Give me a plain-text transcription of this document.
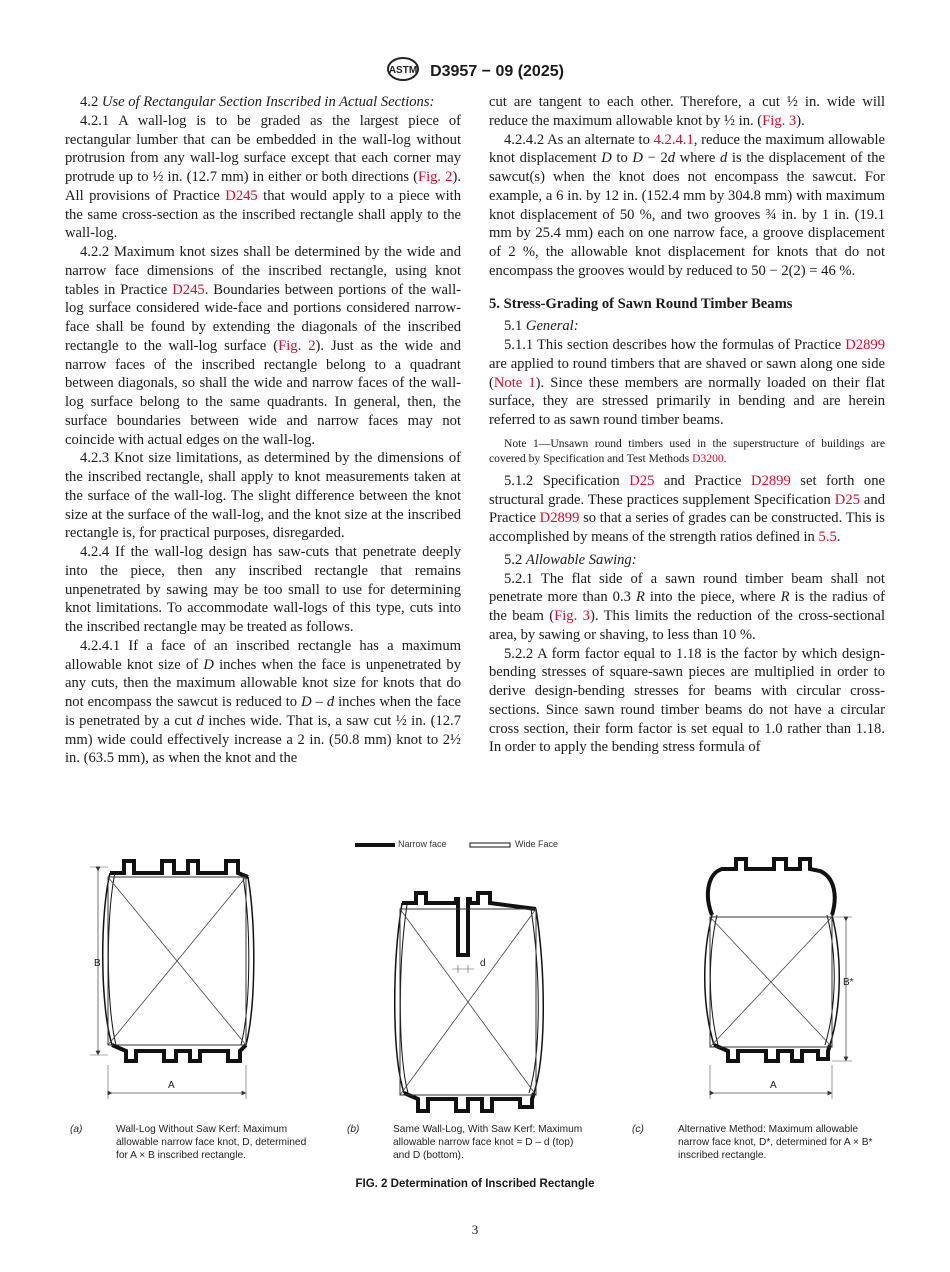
ASTM D3957 − 09 (2025)

4.2 Use of Rectangular Section Inscribed in Actual Sections:

4.2.1 A wall-log is to be graded as the largest piece of rectangular lumber that can be embedded in the wall-log without protrusion from any wall-log surface except that each corner may protrude up to ½ in. (12.7 mm) in either or both directions (Fig. 2). All provisions of Practice D245 that would apply to a piece with the same cross-section as the inscribed rectangle shall apply to the wall-log.

4.2.2 Maximum knot sizes shall be determined by the wide and narrow face dimensions of the inscribed rectangle, using knot tables in Practice D245. Boundaries between portions of the wall-log surface considered wide-face and portions considered narrow-face shall be found by extending the diagonals of the inscribed rectangle to the wall-log surface (Fig. 2). Just as the wide and narrow faces of the inscribed rectangle belong to a quadrant between diagonals, so shall the wide and narrow faces of the wall-log surface belong to the same quadrants. In general, then, the surface boundaries between wide and narrow faces may not coincide with actual edges on the wall-log.

4.2.3 Knot size limitations, as determined by the dimensions of the inscribed rectangle, shall apply to knot measurements taken at the surface of the wall-log. The slight difference between the knot size at the surface of the wall-log, and the knot size at the inscribed rectangle is, for practical purposes, disregarded.

4.2.4 If the wall-log design has saw-cuts that penetrate deeply into the piece, then any inscribed rectangle that remains unpenetrated by sawing may be too small to use for determining knot limitations. To accommodate wall-logs of this type, cuts into the inscribed rectangle may be treated as follows.

4.2.4.1 If a face of an inscribed rectangle has a maximum allowable knot size of D inches when the face is unpenetrated by any cuts, then the maximum allowable knot size for knots that do not encompass the sawcut is reduced to D – d inches when the face is penetrated by a cut d inches wide. That is, a saw cut ½ in. (12.7 mm) wide could effectively increase a 2 in. (50.8 mm) knot to 2½ in. (63.5 mm), as when the knot and the

cut are tangent to each other. Therefore, a cut ½ in. wide will reduce the maximum allowable knot by ½ in. (Fig. 3).

4.2.4.2 As an alternate to 4.2.4.1, reduce the maximum allowable knot displacement D to D − 2d where d is the displacement of the sawcut(s) when the knot does not encompass the sawcut. For example, a 6 in. by 12 in. (152.4 mm by 304.8 mm) with maximum knot displacement of 50 %, and two grooves ¾ in. by 1 in. (19.1 mm by 25.4 mm) each on one narrow face, a groove displacement of 2 %, the allowable knot displacement for knots that do not encompass the grooves would by reduced to 50 − 2(2) = 46 %.

5. Stress-Grading of Sawn Round Timber Beams

5.1 General:

5.1.1 This section describes how the formulas of Practice D2899 are applied to round timbers that are shaved or sawn along one side (Note 1). Since these members are normally loaded on their flat surface, they are stressed primarily in bending and are herein referred to as sawn round timber beams.

Note 1—Unsawn round timbers used in the superstructure of buildings are covered by Specification and Test Methods D3200.

5.1.2 Specification D25 and Practice D2899 set forth one structural grade. These practices supplement Specification D25 and Practice D2899 so that a series of grades can be constructed. This is accomplished by means of the strength ratios defined in 5.5.

5.2 Allowable Sawing:

5.2.1 The flat side of a sawn round timber beam shall not penetrate more than 0.3 R into the piece, where R is the radius of the beam (Fig. 3). This limits the reduction of the cross-sectional area, by sawing or shaving, to less than 10 %.

5.2.2 A form factor equal to 1.18 is the factor by which design-bending stresses of square-sawn pieces are multiplied in order to derive design-bending stresses for beams with circular cross-sections. Since sawn round timber beams do not have a circular cross section, their form factor is set equal to 1.0 rather than 1.18. In order to apply the bending stress formula of

Narrow face	Wide Face
B
A
d
B*
A
(a)	Wall-Log Without Saw Kerf: Maximum allowable narrow face knot, D, determined for A × B inscribed rectangle.
(b)	Same Wall-Log, With Saw Kerf: Maximum allowable narrow face knot = D – d (top) and D (bottom).
(c)	Alternative Method: Maximum allowable narrow face knot, D*, determined for A × B* inscribed rectangle.
FIG. 2 Determination of Inscribed Rectangle
3
